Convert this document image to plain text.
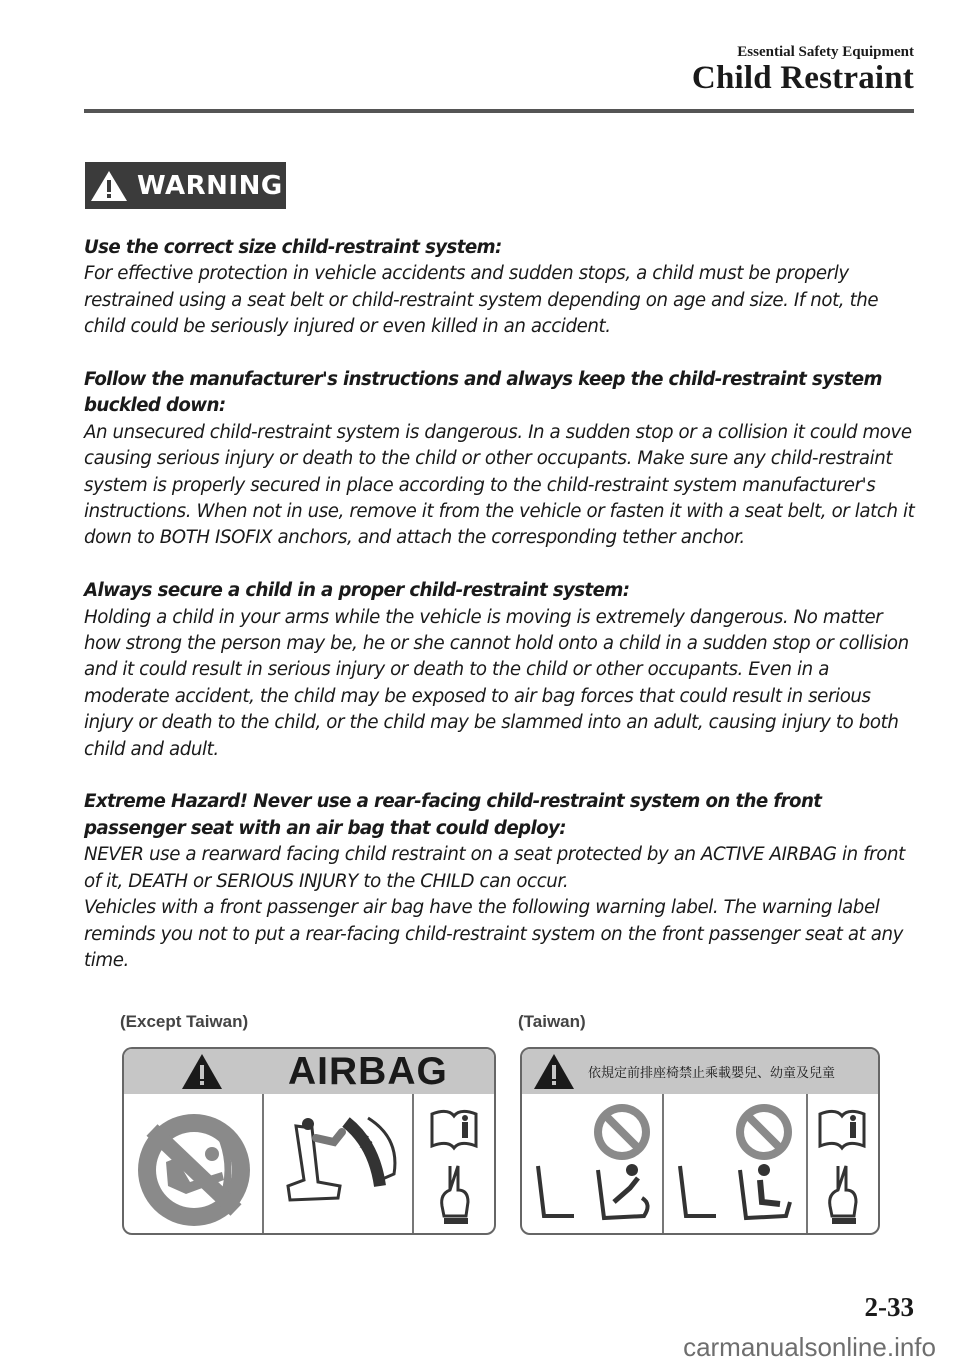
Essential Safety Equipment
Child Restraint
WARNING

Use the correct size child-restraint system:

For effective protection in vehicle accidents and sudden stops, a child must be properly restrained using a seat belt or child-restraint system depending on age and size. If not, the child could be seriously injured or even killed in an accident.

Follow the manufacturer's instructions and always keep the child-restraint system buckled down:

An unsecured child-restraint system is dangerous. In a sudden stop or a collision it could move causing serious injury or death to the child or other occupants. Make sure any child-restraint system is properly secured in place according to the child-restraint system manufacturer's instructions. When not in use, remove it from the vehicle or fasten it with a seat belt, or latch it down to BOTH ISOFIX anchors, and attach the corresponding tether anchor.

Always secure a child in a proper child-restraint system:

Holding a child in your arms while the vehicle is moving is extremely dangerous. No matter how strong the person may be, he or she cannot hold onto a child in a sudden stop or collision and it could result in serious injury or death to the child or other occupants. Even in a moderate accident, the child may be exposed to air bag forces that could result in serious injury or death to the child, or the child may be slammed into an adult, causing injury to both child and adult.

Extreme Hazard! Never use a rear-facing child-restraint system on the front passenger seat with an air bag that could deploy:

NEVER use a rearward facing child restraint on a seat protected by an ACTIVE AIRBAG in front of it, DEATH or SERIOUS INJURY to the CHILD can occur.

Vehicles with a front passenger air bag have the following warning label. The warning label reminds you not to put a rear-facing child-restraint system on the front passenger seat at any time.

(Except Taiwan)	(Taiwan)
AIRBAG	依規定前排座椅禁止乘載嬰兒、幼童及兒童
2-33
carmanualsonline.info
